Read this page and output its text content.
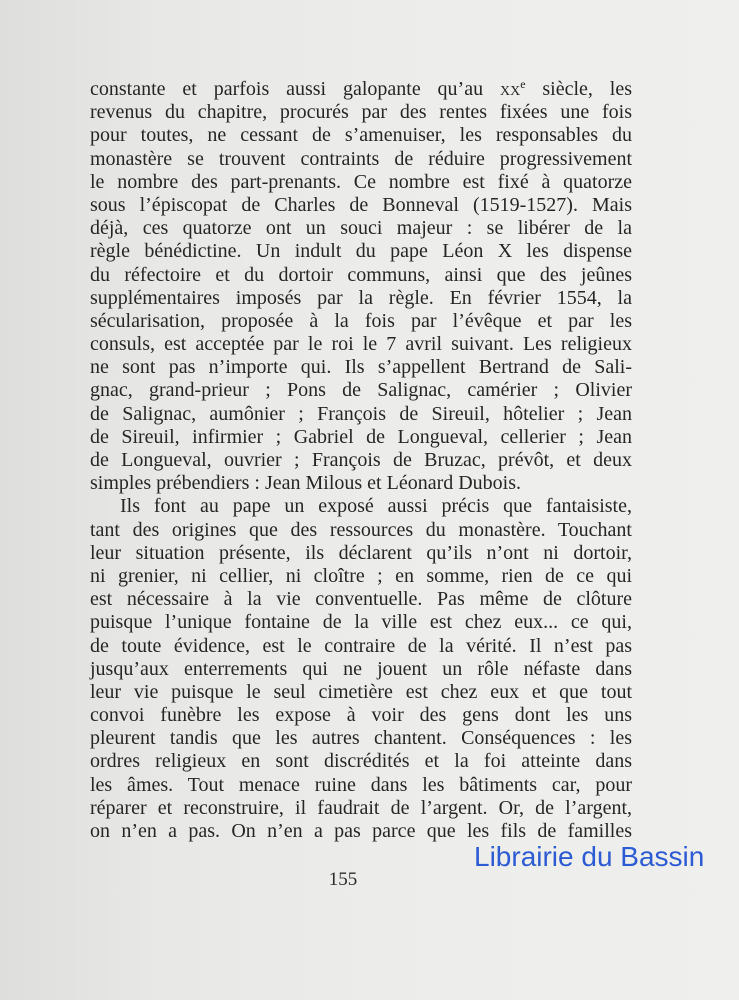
constante et parfois aussi galopante qu’au $xx^e$ siècle, les
revenus du chapitre, procurés par des rentes fixées une fois
pour toutes, ne cessant de s’amenuiser, les responsables du
monastère se trouvent contraints de réduire progressivement
le nombre des part-prenants. Ce nombre est fixé à quatorze
sous l’épiscopat de Charles de Bonneval (1519-1527). Mais
déjà, ces quatorze ont un souci majeur : se libérer de la
règle bénédictine. Un indult du pape Léon X les dispense
du réfectoire et du dortoir communs, ainsi que des jeûnes
supplémentaires imposés par la règle. En février 1554, la
sécularisation, proposée à la fois par l’évêque et par les
consuls, est acceptée par le roi le 7 avril suivant. Les religieux
ne sont pas n’importe qui. Ils s’appellent Bertrand de Sali-
gnac, grand-prieur ; Pons de Salignac, camérier ; Olivier
de Salignac, aumônier ; François de Sireuil, hôtelier ; Jean
de Sireuil, infirmier ; Gabriel de Longueval, cellerier ; Jean
de Longueval, ouvrier ; François de Bruzac, prévôt, et deux
simples prébendiers : Jean Milous et Léonard Dubois.
Ils font au pape un exposé aussi précis que fantaisiste,
tant des origines que des ressources du monastère. Touchant
leur situation présente, ils déclarent qu’ils n’ont ni dortoir,
ni grenier, ni cellier, ni cloître ; en somme, rien de ce qui
est nécessaire à la vie conventuelle. Pas même de clôture
puisque l’unique fontaine de la ville est chez eux... ce qui,
de toute évidence, est le contraire de la vérité. Il n’est pas
jusqu’aux enterrements qui ne jouent un rôle néfaste dans
leur vie puisque le seul cimetière est chez eux et que tout
convoi funèbre les expose à voir des gens dont les uns
pleurent tandis que les autres chantent. Conséquences : les
ordres religieux en sont discrédités et la foi atteinte dans
les âmes. Tout menace ruine dans les bâtiments car, pour
réparer et reconstruire, il faudrait de l’argent. Or, de l’argent,
on n’en a pas. On n’en a pas parce que les fils de familles
Librairie du Bassin
155
